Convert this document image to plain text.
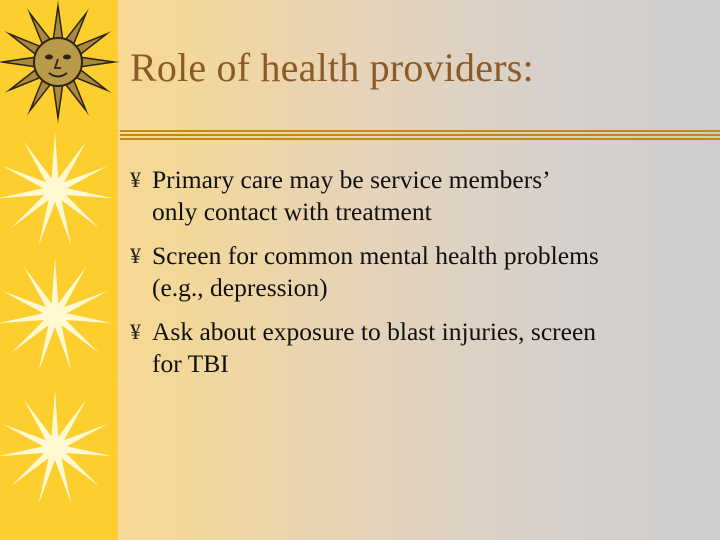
Role of health providers:
¥ Primary care may be service members’
only contact with treatment
¥ Screen for common mental health problems
(e.g., depression)
¥ Ask about exposure to blast injuries, screen
for TBI
